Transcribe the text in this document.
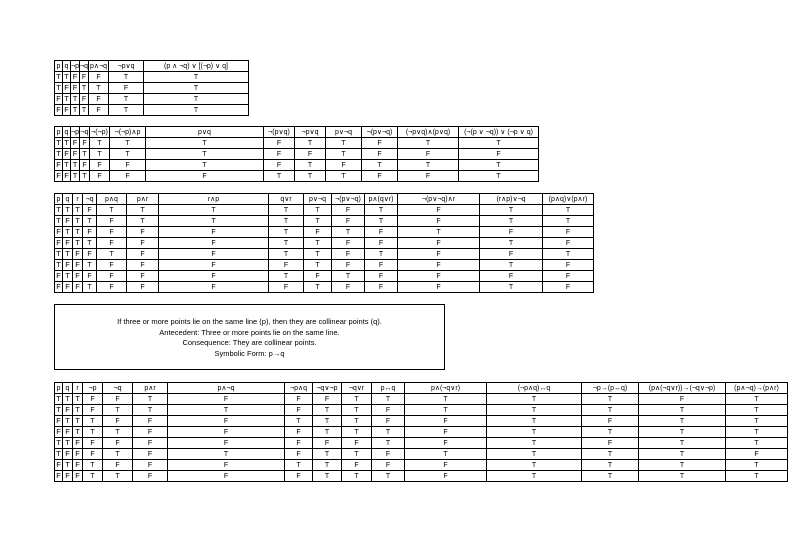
p	q	¬p	¬q	p∧¬q	¬p∨q	(p ∧ ¬q) ∨ [(¬p) ∨ q]
T	T	F	F	F	T	T
T	F	F	T	T	F	T
F	T	T	F	F	T	T
F	F	T	T	F	T	T
p	q	¬p	¬q	¬(¬p)	¬(¬p)∧p	p∨q	¬(p∨q)	¬p∨q	p∨¬q	¬(p∨¬q)	(¬p∨q)∧(p∨q)	(¬(p ∨ ¬q)) ∨ (¬p ∨ q)
T	T	F	F	T	T	T	F	T	T	F	T	T
T	F	F	T	T	T	T	F	F	T	F	F	F
F	T	T	F	F	F	T	F	T	F	T	T	T
F	F	T	T	F	F	F	T	T	T	F	F	T
p	q	r	¬q	p∧q	p∧r	r∧p	q∨r	p∨¬q	¬(p∨¬q)	p∧(q∨r)	¬(p∨¬q)∧r	(r∧p)∨¬q	(p∧q)∨(p∧r)
T	T	T	F	T	T	T	T	T	F	T	F	T	T
T	F	T	T	F	T	T	T	T	F	T	F	T	T
F	T	T	F	F	F	F	T	F	T	F	T	F	F
F	F	T	T	F	F	F	T	T	F	F	F	T	F
T	T	F	F	T	F	F	T	T	F	T	F	F	T
T	F	F	T	F	F	F	F	T	F	F	F	T	F
F	T	F	F	F	F	F	T	F	T	F	F	F	F
F	F	F	T	F	F	F	F	T	F	F	F	T	F
If three or more points lie on the same line (p), then they are collinear points (q).
Antecedent: Three or more points lie on the same line.
Consequence: They are collinear points.
Symbolic Form: p→q
p	q	r	¬p	¬q	p∧r	p∧¬q	¬p∧q	¬q∨¬p	¬q∨r	p↔q	p∧(¬q∨r)	(¬p∧q)↔q	¬p→(p↔q)	(p∧(¬q∨r))→(¬q∨¬p)	(p∧¬q)→(p∧r)
T	T	T	F	F	T	F	F	F	T	T	T	T	T	F	T
T	F	T	F	T	T	T	F	T	T	F	T	T	T	T	T
F	T	T	T	F	F	F	T	T	T	F	F	T	F	T	T
F	F	T	T	T	F	F	F	T	T	T	F	T	T	T	T
T	T	F	F	F	F	F	F	F	F	T	F	T	F	T	T
T	F	F	F	T	F	T	F	T	T	F	T	T	T	T	F
F	T	F	T	F	F	F	T	T	F	F	F	T	T	T	T
F	F	F	T	T	F	F	F	T	T	T	F	T	T	T	T
